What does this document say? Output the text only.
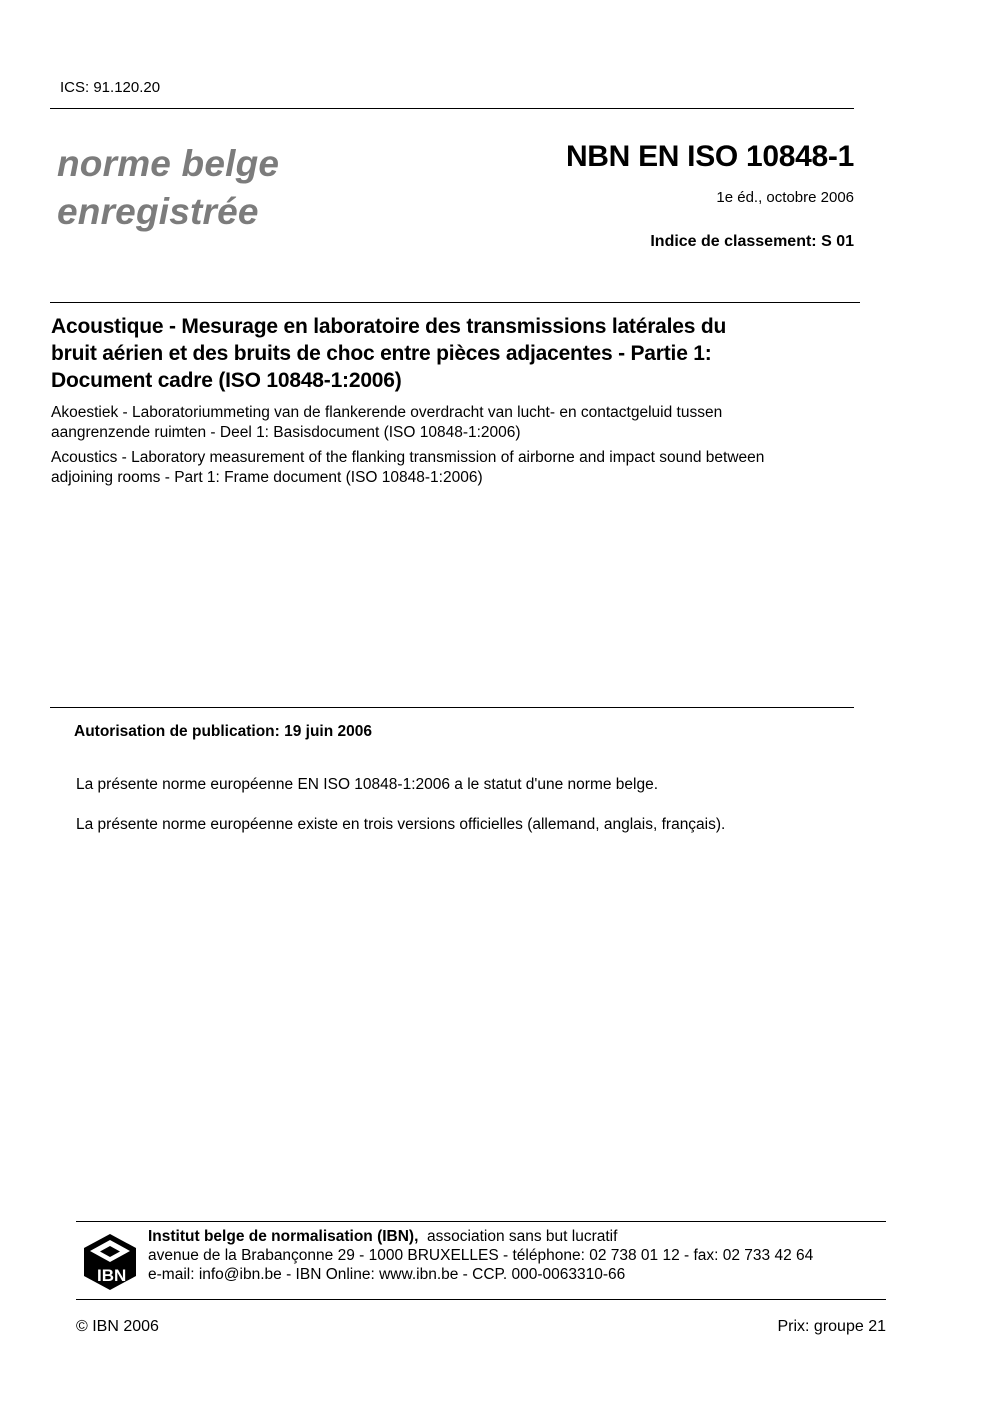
ICS: 91.120.20
norme belge
enregistrée
NBN EN ISO 10848-1
1e éd., octobre 2006
Indice de classement: S 01
Acoustique - Mesurage en laboratoire des transmissions latérales du
bruit aérien et des bruits de choc entre pièces adjacentes - Partie 1:
Document cadre (ISO 10848-1:2006)
Akoestiek - Laboratoriummeting van de flankerende overdracht van lucht- en contactgeluid tussen
aangrenzende ruimten - Deel 1: Basisdocument (ISO 10848-1:2006)
Acoustics - Laboratory measurement of the flanking transmission of airborne and impact sound between
adjoining rooms - Part 1: Frame document (ISO 10848-1:2006)
Autorisation de publication: 19 juin 2006
La présente norme européenne EN ISO 10848-1:2006 a le statut d'une norme belge.
La présente norme européenne existe en trois versions officielles (allemand, anglais, français).
IBN
Institut belge de normalisation (IBN), association sans but lucratif
avenue de la Brabançonne 29 - 1000 BRUXELLES - téléphone: 02 738 01 12 - fax: 02 733 42 64
e-mail: info@ibn.be - IBN Online: www.ibn.be - CCP. 000-0063310-66
© IBN 2006	Prix: groupe 21
